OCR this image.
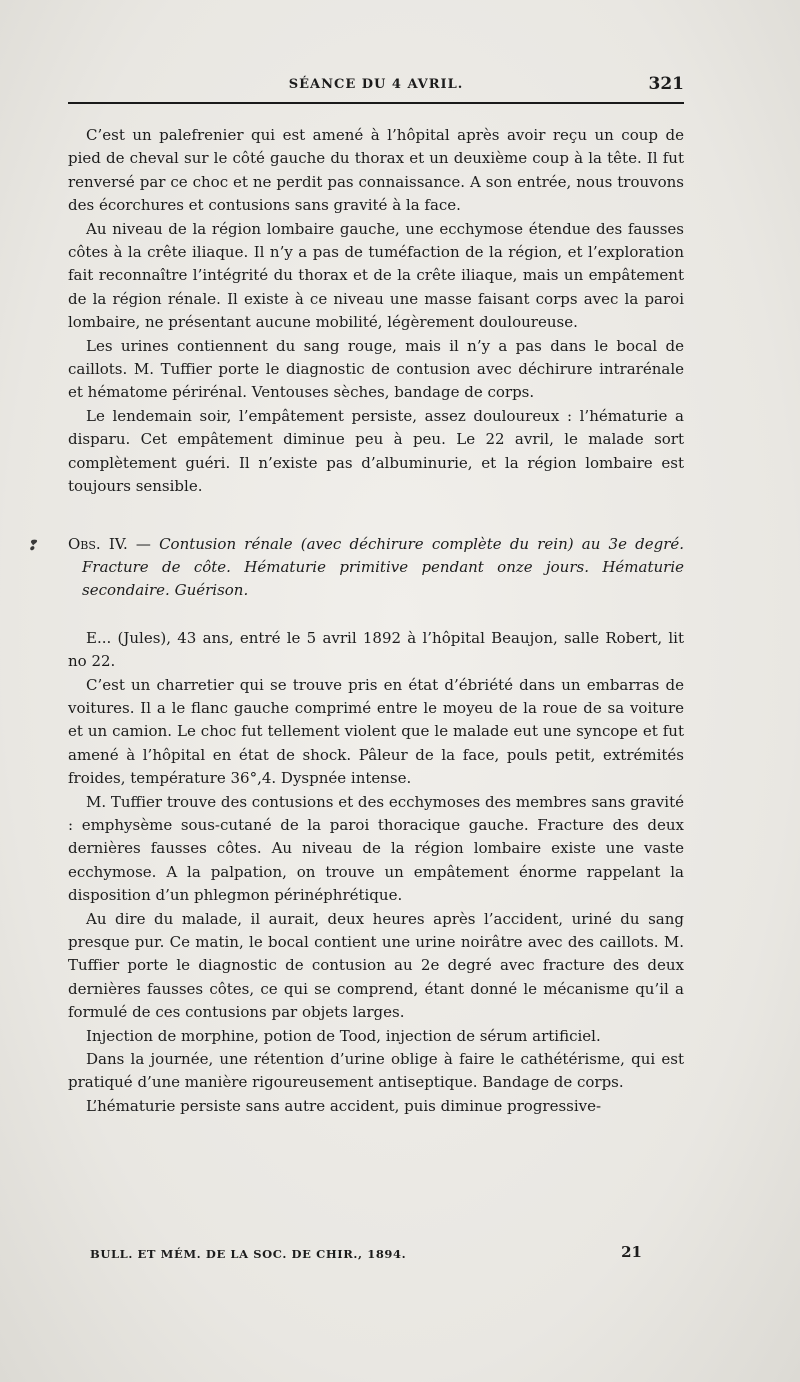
SÉANCE DU 4 AVRIL.	321

C’est un palefrenier qui est amené à l’hôpital après avoir reçu un coup de pied de cheval sur le côté gauche du thorax et un deuxième coup à la tête. Il fut renversé par ce choc et ne perdit pas connaissance. A son entrée, nous trouvons des écorchures et contusions sans gravité à la face.

Au niveau de la région lombaire gauche, une ecchymose étendue des fausses côtes à la crête iliaque. Il n’y a pas de tuméfaction de la région, et l’exploration fait reconnaître l’intégrité du thorax et de la crête iliaque, mais un empâtement de la région rénale. Il existe à ce niveau une masse faisant corps avec la paroi lombaire, ne présentant aucune mobilité, légèrement douloureuse.

Les urines contiennent du sang rouge, mais il n’y a pas dans le bocal de caillots. M. Tuffier porte le diagnostic de contusion avec déchirure intrarénale et hématome périrénal. Ventouses sèches, bandage de corps.

Le lendemain soir, l’empâtement persiste, assez douloureux : l’hématurie a disparu. Cet empâtement diminue peu à peu. Le 22 avril, le malade sort complètement guéri. Il n’existe pas d’albuminurie, et la région lombaire est toujours sensible.

❢ Obs. IV. — Contusion rénale (avec déchirure complète du rein) au 3e degré. Fracture de côte. Hématurie primitive pendant onze jours. Hématurie secondaire. Guérison.

E... (Jules), 43 ans, entré le 5 avril 1892 à l’hôpital Beaujon, salle Robert, lit no 22.

C’est un charretier qui se trouve pris en état d’ébriété dans un embarras de voitures. Il a le flanc gauche comprimé entre le moyeu de la roue de sa voiture et un camion. Le choc fut tellement violent que le malade eut une syncope et fut amené à l’hôpital en état de shock. Pâleur de la face, pouls petit, extrémités froides, température 36°,4. Dyspnée intense.

M. Tuffier trouve des contusions et des ecchymoses des membres sans gravité : emphysème sous-cutané de la paroi thoracique gauche. Fracture des deux dernières fausses côtes. Au niveau de la région lombaire existe une vaste ecchymose. A la palpation, on trouve un empâtement énorme rappelant la disposition d’un phlegmon périnéphrétique.

Au dire du malade, il aurait, deux heures après l’accident, uriné du sang presque pur. Ce matin, le bocal contient une urine noirâtre avec des caillots. M. Tuffier porte le diagnostic de contusion au 2e degré avec fracture des deux dernières fausses côtes, ce qui se comprend, étant donné le mécanisme qu’il a formulé de ces contusions par objets larges.

Injection de morphine, potion de Tood, injection de sérum artificiel.

Dans la journée, une rétention d’urine oblige à faire le cathétérisme, qui est pratiqué d’une manière rigoureusement antiseptique. Bandage de corps.

L’hématurie persiste sans autre accident, puis diminue progressive-

BULL. ET MÉM. DE LA SOC. DE CHIR., 1894.	21
